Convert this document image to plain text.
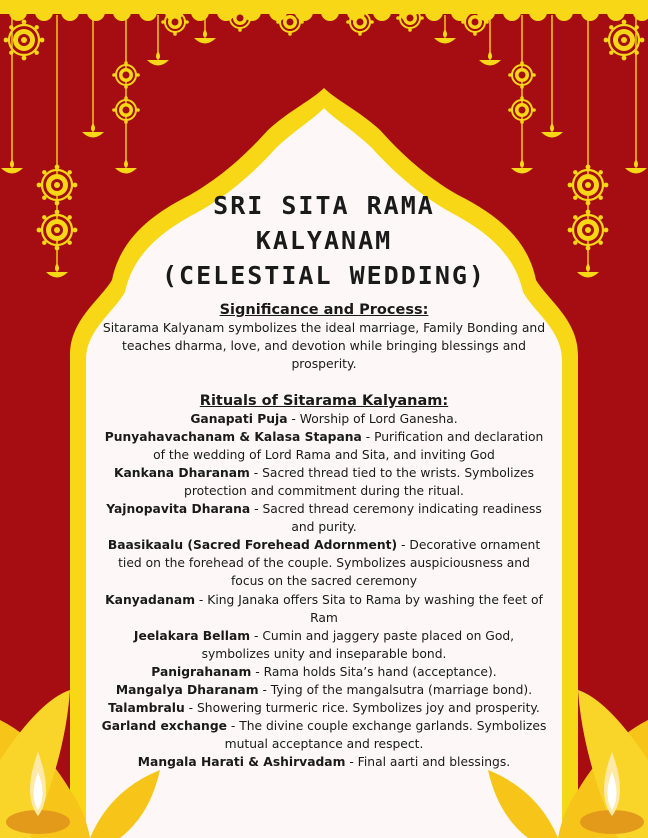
SRI SITA RAMA
KALYANAM
(CELESTIAL WEDDING)

Significance and Process:

Sitarama Kalyanam symbolizes the ideal marriage, Family Bonding and teaches dharma, love, and devotion while bringing blessings and prosperity.

Rituals of Sitarama Kalyanam:

Ganapati Puja - Worship of Lord Ganesha.

Punyahavachanam & Kalasa Stapana - Purification and declaration of the wedding of Lord Rama and Sita, and inviting God

Kankana Dharanam - Sacred thread tied to the wrists. Symbolizes protection and commitment during the ritual.

Yajnopavita Dharana - Sacred thread ceremony indicating readiness and purity.

Baasikaalu (Sacred Forehead Adornment) - Decorative ornament tied on the forehead of the couple. Symbolizes auspiciousness and focus on the sacred ceremony

Kanyadanam - King Janaka offers Sita to Rama by washing the feet of Ram

Jeelakara Bellam - Cumin and jaggery paste placed on God, symbolizes unity and inseparable bond.

Panigrahanam - Rama holds Sita’s hand (acceptance).

Mangalya Dharanam - Tying of the mangalsutra (marriage bond).

Talambralu - Showering turmeric rice. Symbolizes joy and prosperity.

Garland exchange - The divine couple exchange garlands. Symbolizes mutual acceptance and respect.

Mangala Harati & Ashirvadam - Final aarti and blessings.
